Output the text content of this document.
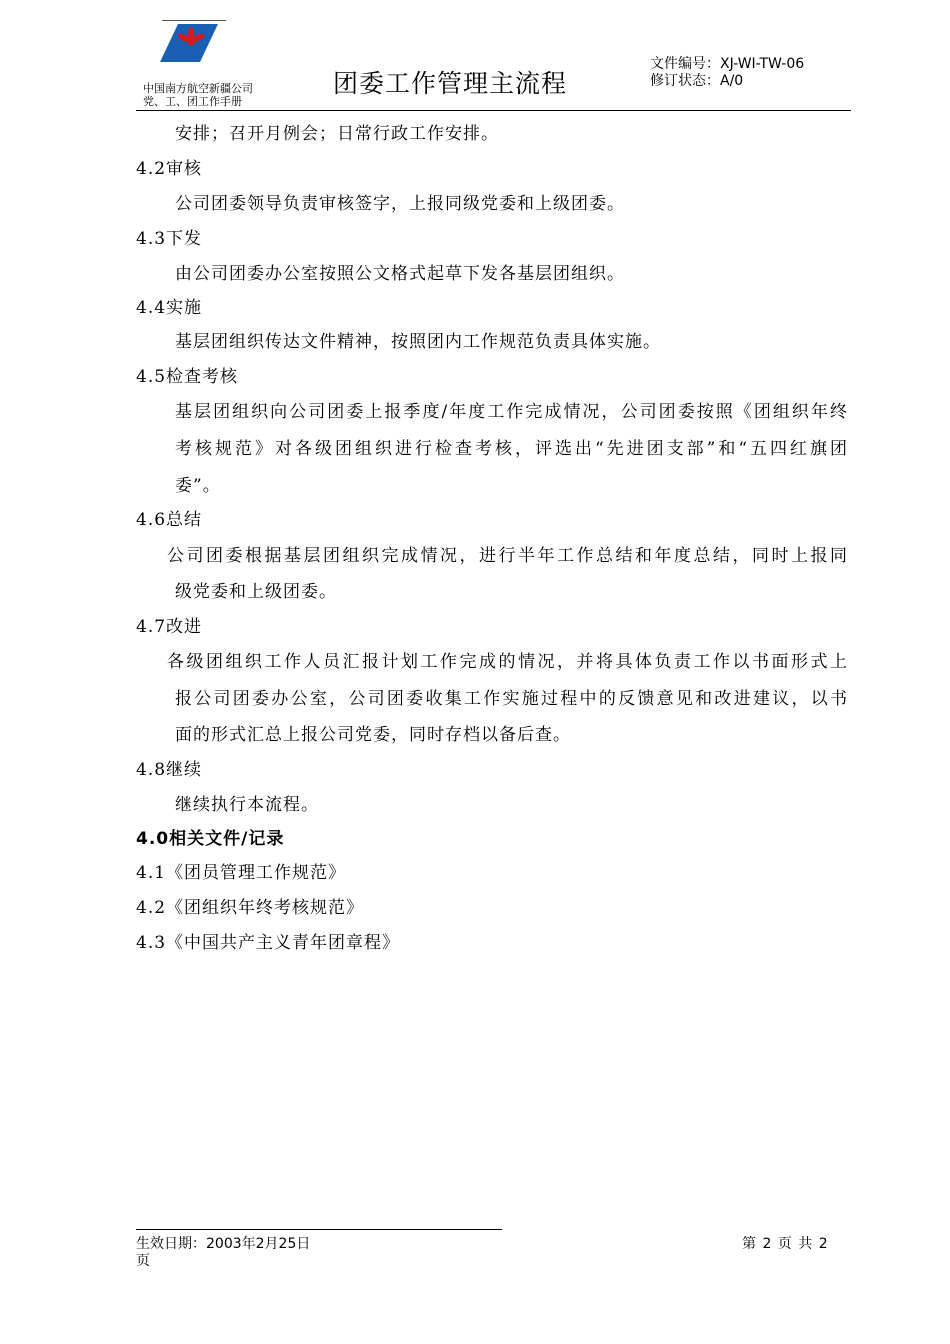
中国南方航空新疆公司
党、工、团工作手册
团委工作管理主流程
文件编号：XJ-WI-TW-06
修订状态：A/0
安排；召开月例会；日常行政工作安排。
4.2审核
公司团委领导负责审核签字，上报同级党委和上级团委。
4.3下发
由公司团委办公室按照公文格式起草下发各基层团组织。
4.4实施
基层团组织传达文件精神，按照团内工作规范负责具体实施。
4.5检查考核
基层团组织向公司团委上报季度/年度工作完成情况，公司团委按照《团组织年终
考核规范》对各级团组织进行检查考核，评选出“先进团支部”和“五四红旗团
委”。
4.6总结
公司团委根据基层团组织完成情况，进行半年工作总结和年度总结，同时上报同
级党委和上级团委。
4.7改进
各级团组织工作人员汇报计划工作完成的情况，并将具体负责工作以书面形式上
报公司团委办公室，公司团委收集工作实施过程中的反馈意见和改进建议，以书
面的形式汇总上报公司党委，同时存档以备后查。
4.8继续
继续执行本流程。
4.0相关文件/记录
4.1《团员管理工作规范》
4.2《团组织年终考核规范》
4.3《中国共产主义青年团章程》
生效日期：2003年2月25日	第 2 页 共 2
页
